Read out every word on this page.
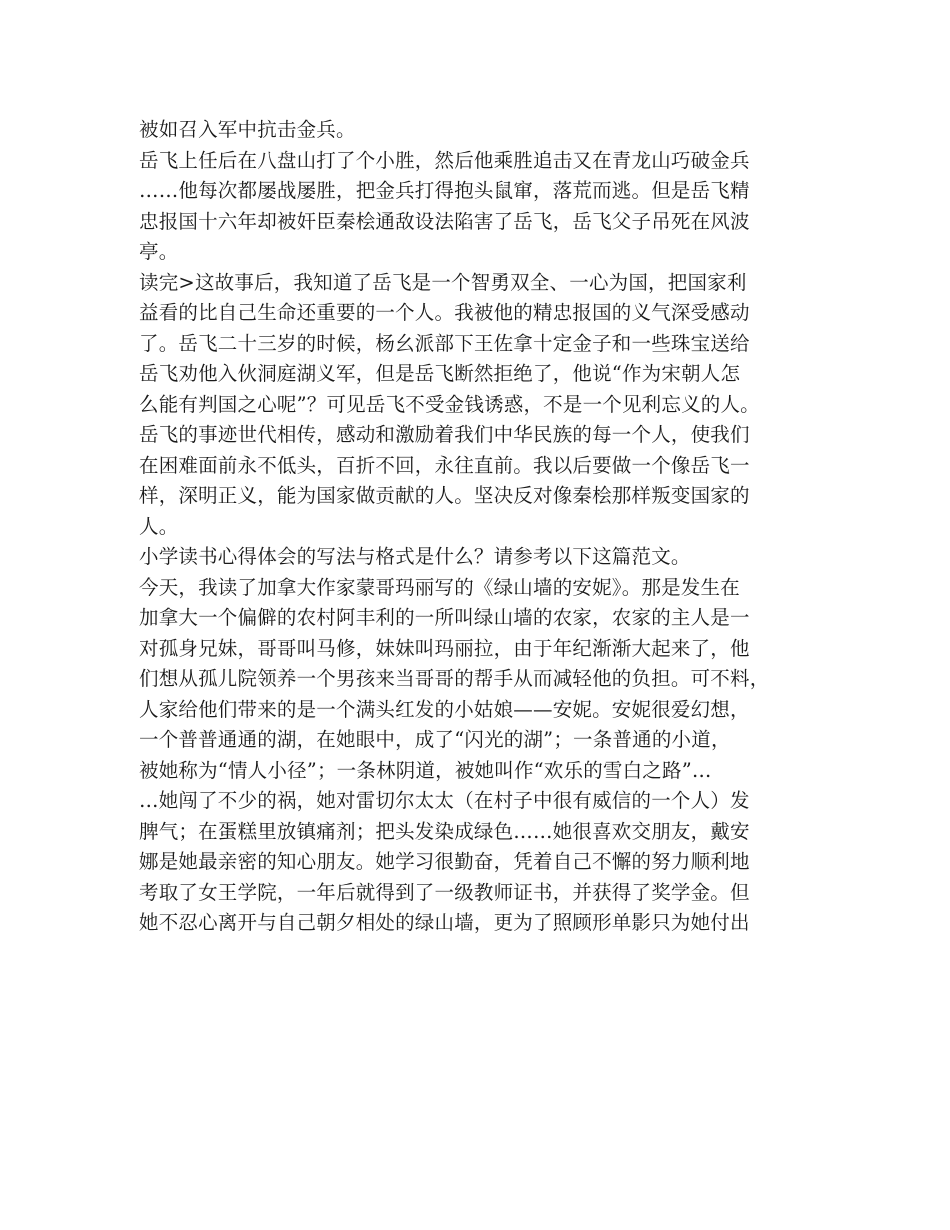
被如召入军中抗击金兵。
岳飞上任后在八盘山打了个小胜，然后他乘胜追击又在青龙山巧破金兵
……他每次都屡战屡胜，把金兵打得抱头鼠窜，落荒而逃。但是岳飞精
忠报国十六年却被奸臣秦桧通敌设法陷害了岳飞，岳飞父子吊死在风波
亭。
读完>这故事后，我知道了岳飞是一个智勇双全、一心为国，把国家利
益看的比自己生命还重要的一个人。我被他的精忠报国的义气深受感动
了。岳飞二十三岁的时候，杨幺派部下王佐拿十定金子和一些珠宝送给
岳飞劝他入伙洞庭湖义军，但是岳飞断然拒绝了，他说“作为宋朝人怎
么能有判国之心呢”？可见岳飞不受金钱诱惑，不是一个见利忘义的人。
岳飞的事迹世代相传，感动和激励着我们中华民族的每一个人，使我们
在困难面前永不低头，百折不回，永往直前。我以后要做一个像岳飞一
样，深明正义，能为国家做贡献的人。坚决反对像秦桧那样叛变国家的
人。
小学读书心得体会的写法与格式是什么？请参考以下这篇范文。
今天，我读了加拿大作家蒙哥玛丽写的《绿山墙的安妮》。那是发生在
加拿大一个偏僻的农村阿丰利的一所叫绿山墙的农家，农家的主人是一
对孤身兄妹，哥哥叫马修，妹妹叫玛丽拉，由于年纪渐渐大起来了，他
们想从孤儿院领养一个男孩来当哥哥的帮手从而减轻他的负担。可不料，
人家给他们带来的是一个满头红发的小姑娘——安妮。安妮很爱幻想，
一个普普通通的湖，在她眼中，成了“闪光的湖”；一条普通的小道，
被她称为“情人小径”；一条林阴道，被她叫作“欢乐的雪白之路”…
…她闯了不少的祸，她对雷切尔太太（在村子中很有威信的一个人）发
脾气；在蛋糕里放镇痛剂；把头发染成绿色……她很喜欢交朋友，戴安
娜是她最亲密的知心朋友。她学习很勤奋，凭着自己不懈的努力顺利地
考取了女王学院，一年后就得到了一级教师证书，并获得了奖学金。但
她不忍心离开与自己朝夕相处的绿山墙，更为了照顾形单影只为她付出
